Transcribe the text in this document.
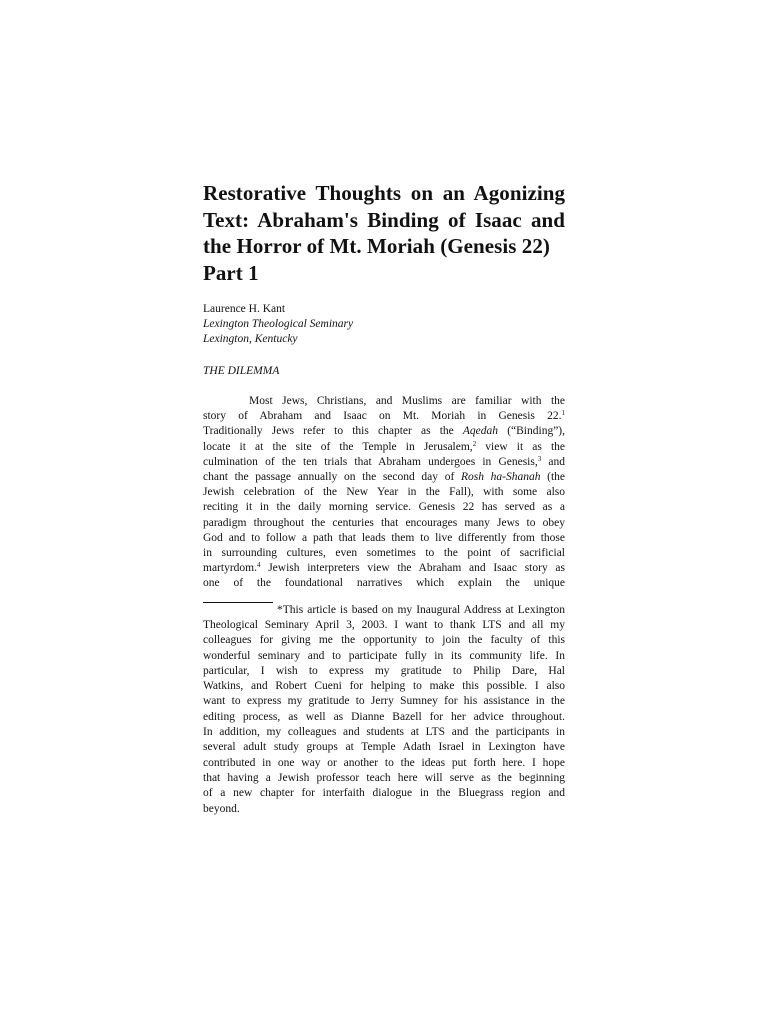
Restorative Thoughts on an Agonizing
Text: Abraham's Binding of Isaac and
the Horror of Mt. Moriah (Genesis 22)
Part 1
Laurence H. Kant
Lexington Theological Seminary
Lexington, Kentucky
THE DILEMMA
Most Jews, Christians, and Muslims are familiar with the
story of Abraham and Isaac on Mt. Moriah in Genesis 22.$^1$
Traditionally Jews refer to this chapter as the Aqedah (“Binding”),
locate it at the site of the Temple in Jerusalem,$^2$ view it as the
culmination of the ten trials that Abraham undergoes in Genesis,$^3$ and
chant the passage annually on the second day of Rosh ha-Shanah (the
Jewish celebration of the New Year in the Fall), with some also
reciting it in the daily morning service. Genesis 22 has served as a
paradigm throughout the centuries that encourages many Jews to obey
God and to follow a path that leads them to live differently from those
in surrounding cultures, even sometimes to the point of sacrificial
martyrdom.$^4$ Jewish interpreters view the Abraham and Isaac story as
one of the foundational narratives which explain the unique
*This article is based on my Inaugural Address at Lexington
Theological Seminary April 3, 2003. I want to thank LTS and all my
colleagues for giving me the opportunity to join the faculty of this
wonderful seminary and to participate fully in its community life. In
particular, I wish to express my gratitude to Philip Dare, Hal
Watkins, and Robert Cueni for helping to make this possible. I also
want to express my gratitude to Jerry Sumney for his assistance in the
editing process, as well as Dianne Bazell for her advice throughout.
In addition, my colleagues and students at LTS and the participants in
several adult study groups at Temple Adath Israel in Lexington have
contributed in one way or another to the ideas put forth here. I hope
that having a Jewish professor teach here will serve as the beginning
of a new chapter for interfaith dialogue in the Bluegrass region and
beyond.
